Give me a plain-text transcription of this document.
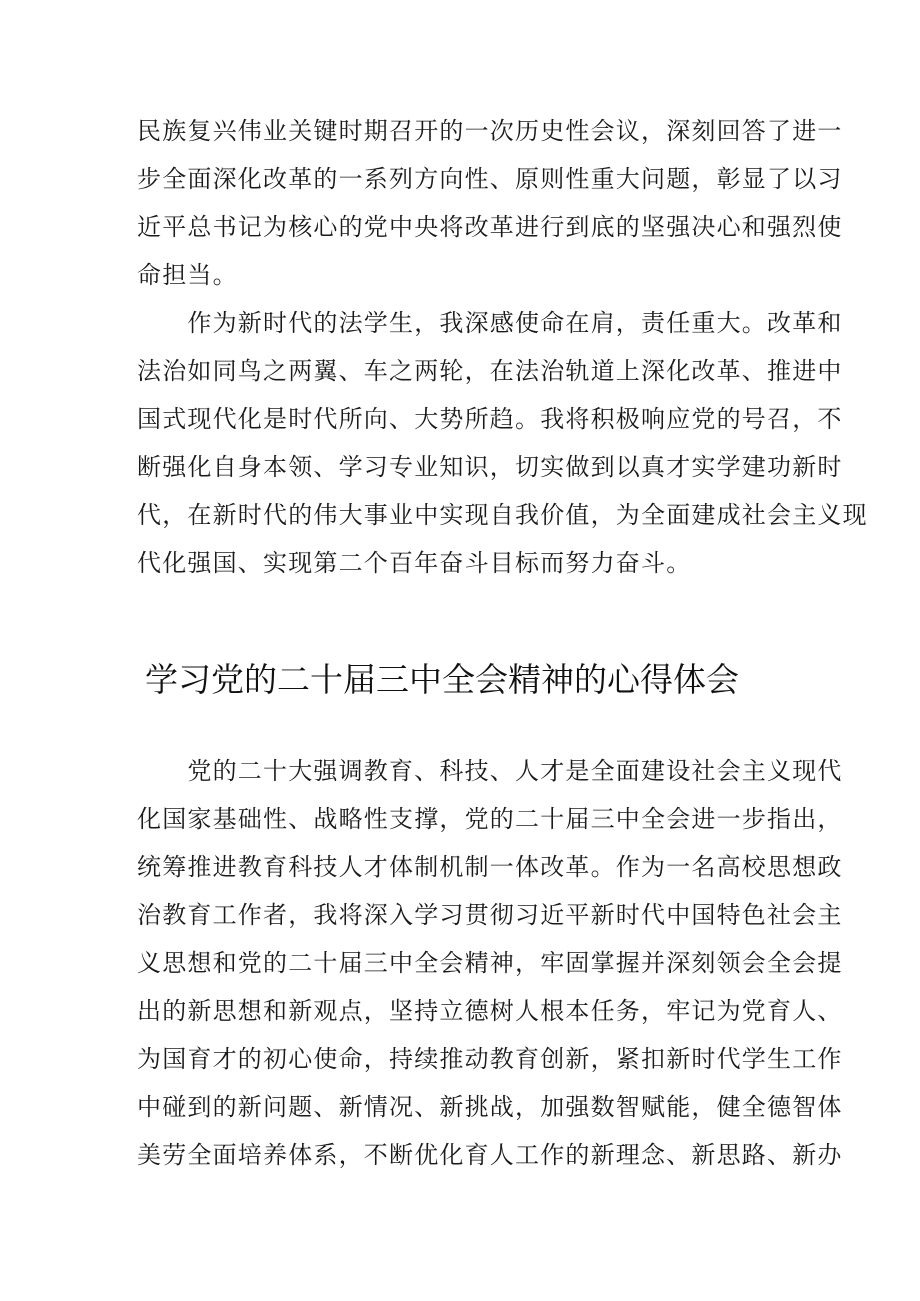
民族复兴伟业关键时期召开的一次历史性会议，深刻回答了进一
步全面深化改革的一系列方向性、原则性重大问题，彰显了以习
近平总书记为核心的党中央将改革进行到底的坚强决心和强烈使
命担当。
　　作为新时代的法学生，我深感使命在肩，责任重大。改革和
法治如同鸟之两翼、车之两轮，在法治轨道上深化改革、推进中
国式现代化是时代所向、大势所趋。我将积极响应党的号召，不
断强化自身本领、学习专业知识，切实做到以真才实学建功新时
代，在新时代的伟大事业中实现自我价值，为全面建成社会主义现
代化强国、实现第二个百年奋斗目标而努力奋斗。
学习党的二十届三中全会精神的心得体会
　　党的二十大强调教育、科技、人才是全面建设社会主义现代
化国家基础性、战略性支撑，党的二十届三中全会进一步指出，
统筹推进教育科技人才体制机制一体改革。作为一名高校思想政
治教育工作者，我将深入学习贯彻习近平新时代中国特色社会主
义思想和党的二十届三中全会精神，牢固掌握并深刻领会全会提
出的新思想和新观点，坚持立德树人根本任务，牢记为党育人、
为国育才的初心使命，持续推动教育创新，紧扣新时代学生工作
中碰到的新问题、新情况、新挑战，加强数智赋能，健全德智体
美劳全面培养体系，不断优化育人工作的新理念、新思路、新办
